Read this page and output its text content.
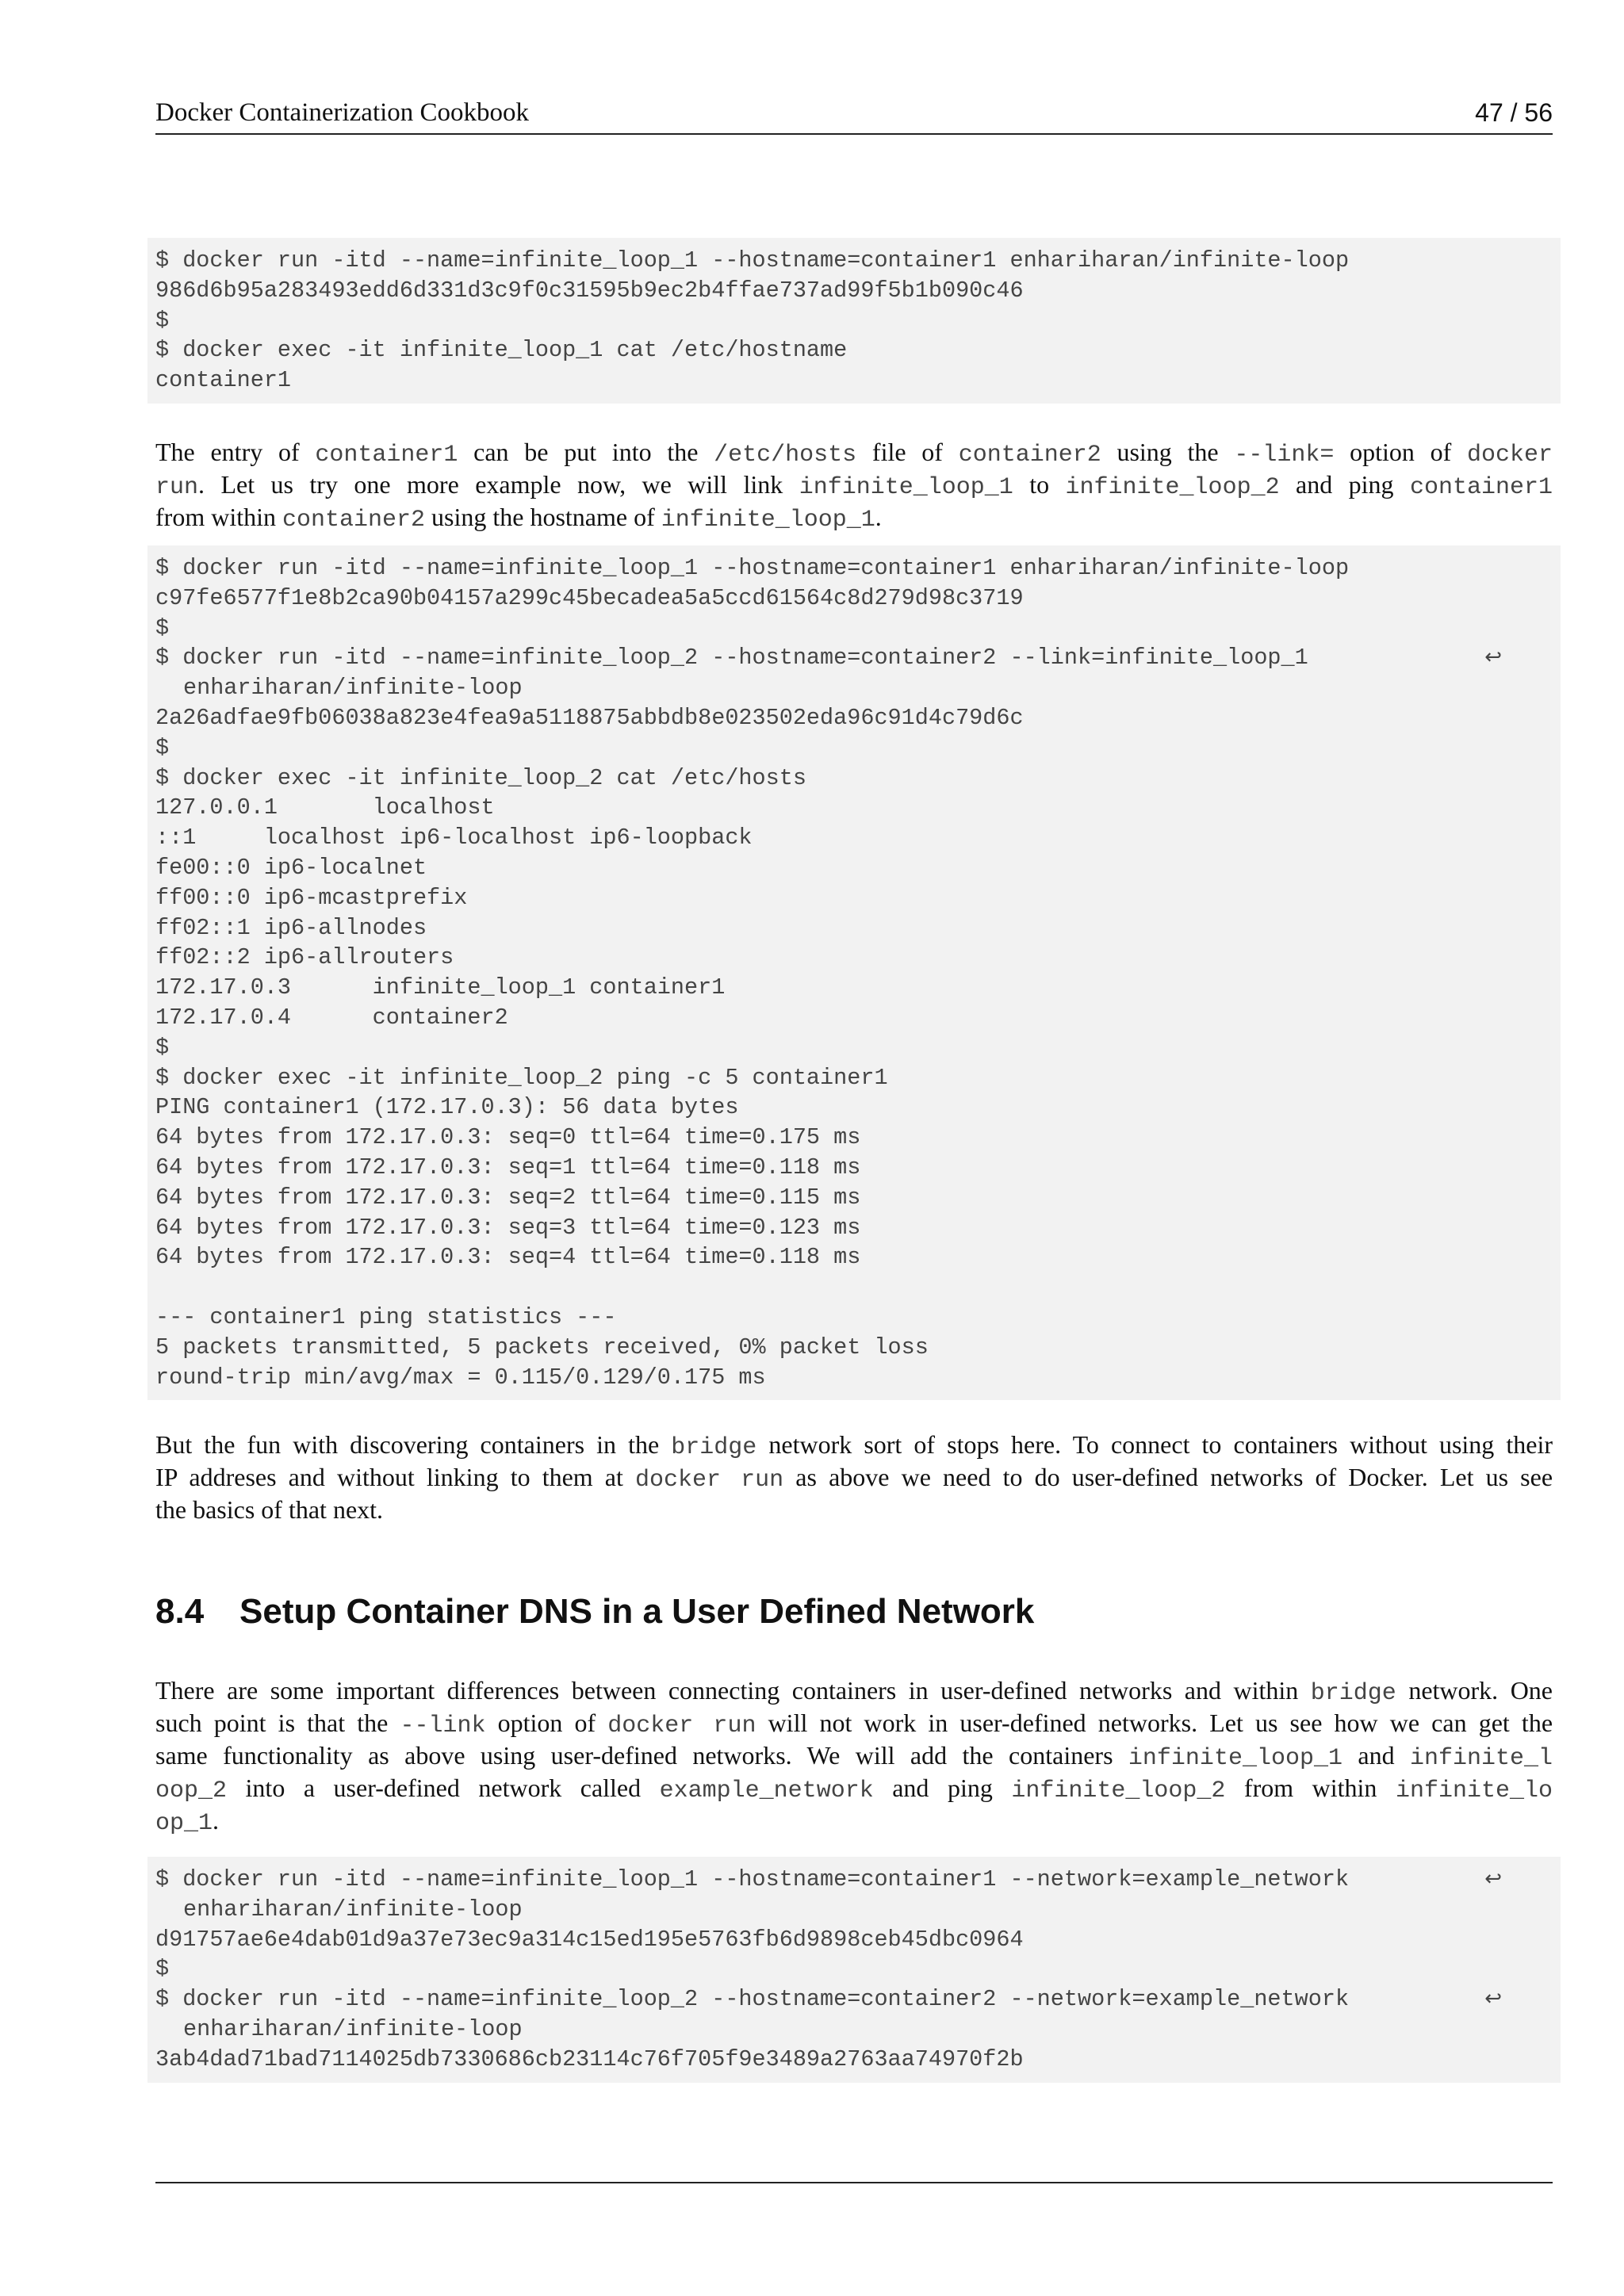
Docker Containerization Cookbook	47 / 56
$ docker run -itd --name=infinite_loop_1 --hostname=container1 enhariharan/infinite-loop
986d6b95a283493edd6d331d3c9f0c31595b9ec2b4ffae737ad99f5b1b090c46
$
$ docker exec -it infinite_loop_1 cat /etc/hostname
container1
The entry of container1 can be put into the /etc/hosts file of container2 using the --link= option of docker
run. Let us try one more example now, we will link infinite_loop_1 to infinite_loop_2 and ping container1
from within container2 using the hostname of infinite_loop_1.
$ docker run -itd --name=infinite_loop_1 --hostname=container1 enhariharan/infinite-loop
c97fe6577f1e8b2ca90b04157a299c45becadea5a5ccd61564c8d279d98c3719
$
$ docker run -itd --name=infinite_loop_2 --hostname=container2 --link=infinite_loop_1	↩
enhariharan/infinite-loop
2a26adfae9fb06038a823e4fea9a5118875abbdb8e023502eda96c91d4c79d6c
$
$ docker exec -it infinite_loop_2 cat /etc/hosts
127.0.0.1       localhost
::1     localhost ip6-localhost ip6-loopback
fe00::0 ip6-localnet
ff00::0 ip6-mcastprefix
ff02::1 ip6-allnodes
ff02::2 ip6-allrouters
172.17.0.3      infinite_loop_1 container1
172.17.0.4      container2
$
$ docker exec -it infinite_loop_2 ping -c 5 container1
PING container1 (172.17.0.3): 56 data bytes
64 bytes from 172.17.0.3: seq=0 ttl=64 time=0.175 ms
64 bytes from 172.17.0.3: seq=1 ttl=64 time=0.118 ms
64 bytes from 172.17.0.3: seq=2 ttl=64 time=0.115 ms
64 bytes from 172.17.0.3: seq=3 ttl=64 time=0.123 ms
64 bytes from 172.17.0.3: seq=4 ttl=64 time=0.118 ms
--- container1 ping statistics ---
5 packets transmitted, 5 packets received, 0% packet loss
round-trip min/avg/max = 0.115/0.129/0.175 ms
But the fun with discovering containers in the bridge network sort of stops here. To connect to containers without using their
IP addreses and without linking to them at docker run as above we need to do user-defined networks of Docker. Let us see
the basics of that next.
8.4 Setup Container DNS in a User Defined Network
There are some important differences between connecting containers in user-defined networks and within bridge network. One
such point is that the --link option of docker run will not work in user-defined networks. Let us see how we can get the
same functionality as above using user-defined networks. We will add the containers infinite_loop_1 and infinite_l
oop_2 into a user-defined network called example_network and ping infinite_loop_2 from within infinite_lo
op_1.
$ docker run -itd --name=infinite_loop_1 --hostname=container1 --network=example_network	↩
enhariharan/infinite-loop
d91757ae6e4dab01d9a37e73ec9a314c15ed195e5763fb6d9898ceb45dbc0964
$
$ docker run -itd --name=infinite_loop_2 --hostname=container2 --network=example_network	↩
enhariharan/infinite-loop
3ab4dad71bad7114025db7330686cb23114c76f705f9e3489a2763aa74970f2b
